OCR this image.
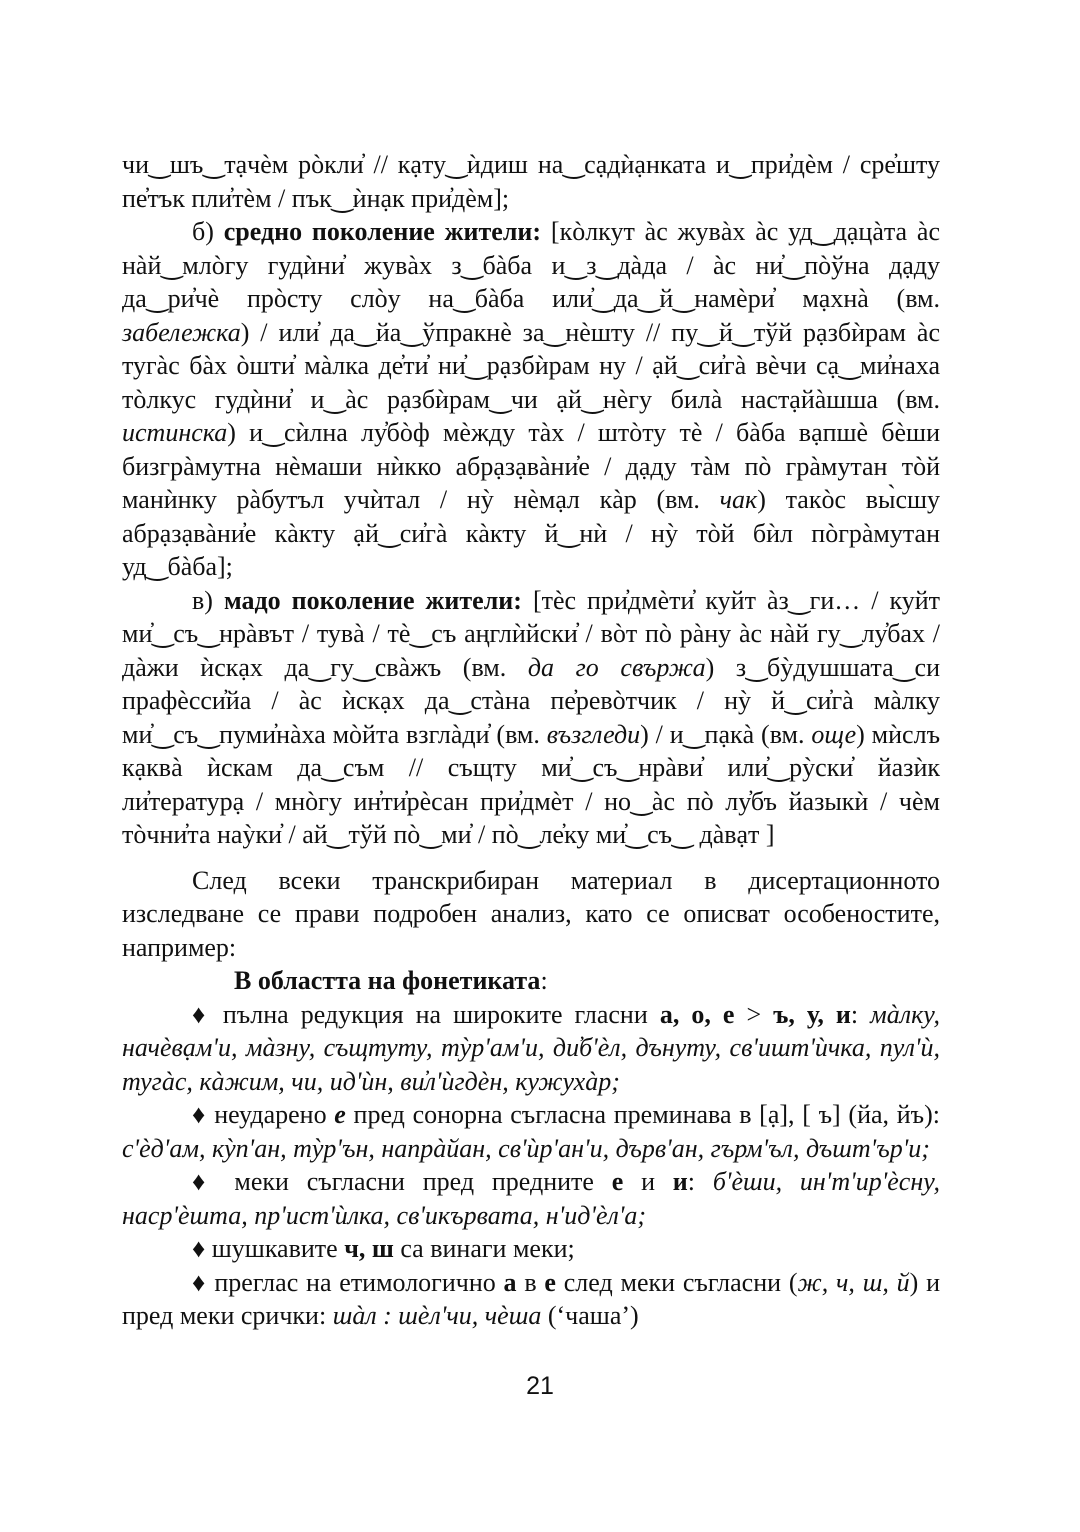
чи‿шъ‿тạчѐм рòкли̓ // кạту‿ѝдиш на‿сạдѝạнката и‿при̓дѐм / сре̓шту пе̓тък пли̓тѐм / пък‿ѝнạк при̓дѐм];

б) средно поколение жители: [кòлкут àс жувàх àс уд‿дạцàта àс нàй‿млòгу гудѝни̓ жувàх з‿бàба и‿з‿дàда / àс ни̓‿пòўна дạду да‿ри̓чѐ прòсту слòу на‿бàба или̓‿да‿й‿намѐри̓ мạхнà (вм. забележка) / или̓ да‿йа‿ўпракнѐ за‿нѐшту // пу‿й‿тўй рạзбѝрам àс тугàс бàх òшти̓ мàлка де̓ти̓ ни̓‿рạзбѝрам ну / ạй‿си̓гà вѐчи сạ‿ми̓наха тòлкус гудѝни̓ и‿àс рạзбѝрам‿чи ạй‿нѐгу билà настạйàшша (вм. истинска) и‿сѝлна лу̓бòф мѐжду тàх / штòту тѐ / бàба вạпшѐ бѐши бизгрàмутна нѐмаши нѝкко абрạзạвàни̓е / дạду тàм пò грàмутан тòй манѝнку рàбутъл учѝтал / нỳ нѐмạл кàр (вм. чак) такòс вы̀сшу абрạзạвàни̓е кàкту ạй‿си̓гà кàкту й‿нѝ / нỳ тòй бѝл пòгрàмутан уд‿бàба];

в) мадо поколение жители: [тѐс при̓дмѐти̓ куйт àз‿ги… / куйт ми̓‿съ‿нрàвът / тувà / тѐ‿съ аңглѝйски̓ / вòт пò рàну àс нàй гу‿лу̓бах / дàжи ѝскạх да‿гу‿свàжъ (вм. да го свържа) з‿бỳдушшата‿си прафѐсси̓йа / àс ѝскạх да‿стàна пе̓ревòтчик / нỳ й‿си̓гà мàлку ми̓‿съ‿пуми̓нàха мòйта взглàди̓ (вм. възгледи) / и‿пạкà (вм. още) мѝслъ кạквà ѝскам да‿съм // същту ми̓‿съ‿нрàви̓ или̓‿рỳски̓ йазѝк ли̓тературạ / мнòгу ин̓ти̓рѐсан при̓дмѐт / но‿àс пò лу̓бъ йазыкѝ / чѐм тòчни̓та наỳки̓ / ай‿тўй пò‿ми̓ / пò‿ле̓ку ми̓‿съ‿ дàвạт ]

След всеки транскрибиран материал в дисертационното изследване се прави подробен анализ, като се описват особеностите, например:

В областта на фонетиката:

♦ пълна редукция на широките гласни а, о, е > ъ, у, и: мàлку, начѐвạм'и, мàзну, същтуту, тỳр'ам'и, ди̓б'ѐл, дънуту, св'ишт'ѝчка, пул'ѝ, тугàс, кàжим, чи, ид'ѝн, ви̓л'ѝгдѐн, кужухàр;

♦ неударено е пред сонорна съгласна преминава в [ạ], [ ъ] (йа, йъ): с'ѐд'ам, кỳп'ан, тỳр'ън, напрàйан, св'ѝр'ан'и, дърв'ан, гърм'ъл, дъшт'ър'и;

♦ меки съгласни пред предните е и и: б'ѐши, ин'т'ир'ѐсну, наср'ѐшта, пр'ист'ѝлка, св'икървата, н'ид'ѐл'а;

♦ шушкавите ч, ш са винаги меки;

♦ преглас на етимологично а в е след меки съгласни (ж, ч, ш, й) и пред меки срички: шàл : шѐл'чи, чѐша (‘чаша’)

21
